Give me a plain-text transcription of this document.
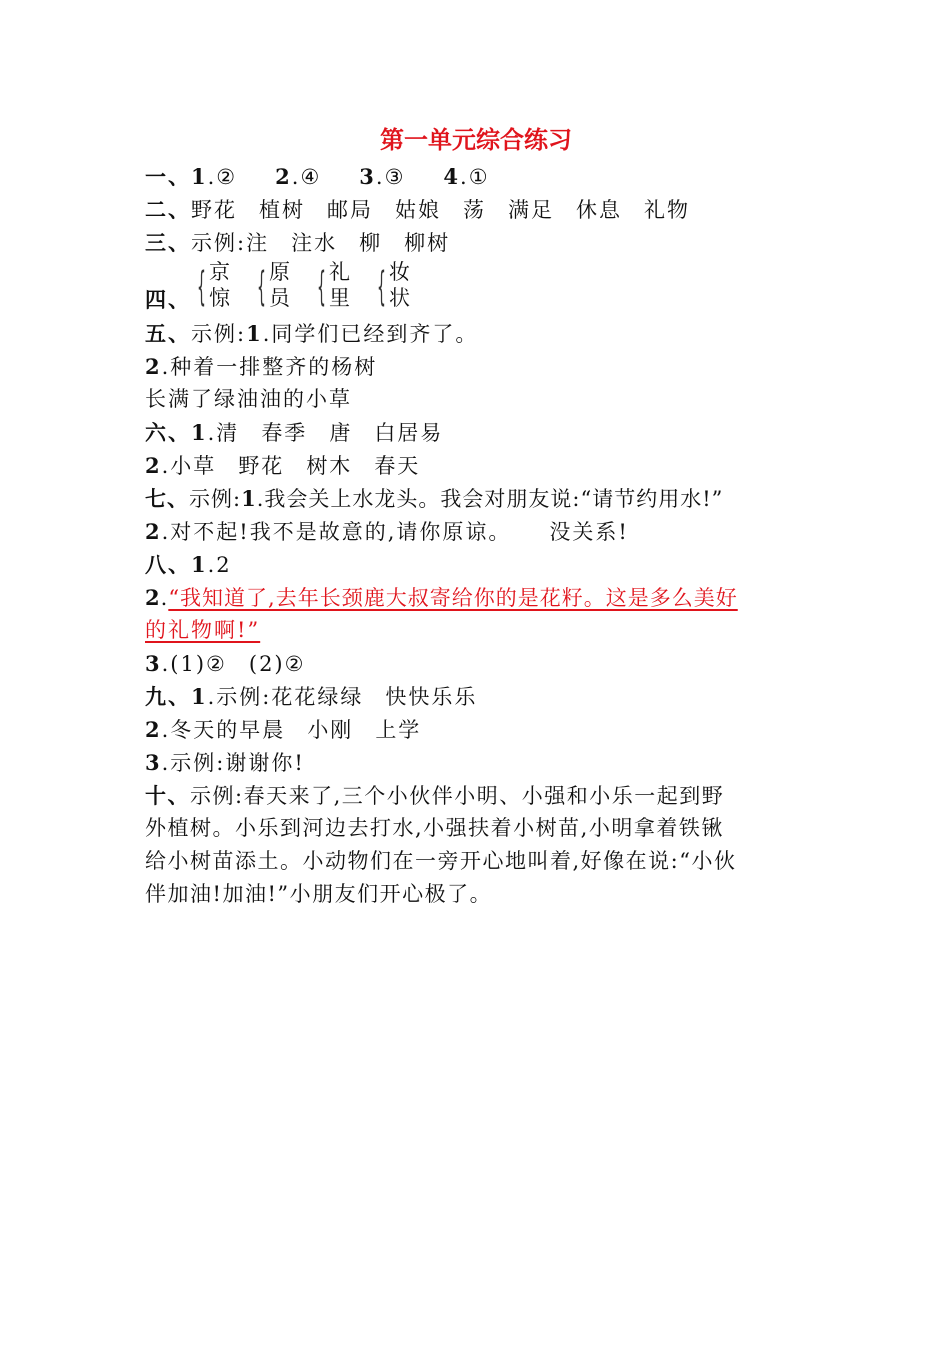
第一单元综合练习
一、1.② 2.④ 3.③ 4.①
二、野花 植树 邮局 姑娘 荡 满足 休息 礼物
三、示例:注 注水 柳 柳树
四、 { 京
惊 { 原
员 { 礼
里 { 妆
状
五、示例:1.同学们已经到齐了。
2.种着一排整齐的杨树
长满了绿油油的小草
六、1.清 春季 唐 白居易
2.小草 野花 树木 春天
七、示例:1.我会关上水龙头。我会对朋友说:“请节约用水!”
2.对不起!我不是故意的,请你原谅。 没关系!
八、1.2
2.“我知道了,去年长颈鹿大叔寄给你的是花籽。这是多么美好
的礼物啊!”
3.(1)② (2)②
九、1.示例:花花绿绿 快快乐乐
2.冬天的早晨 小刚 上学
3.示例:谢谢你!
十、示例:春天来了,三个小伙伴小明、小强和小乐一起到野
外植树。小乐到河边去打水,小强扶着小树苗,小明拿着铁锹
给小树苗添土。小动物们在一旁开心地叫着,好像在说:“小伙
伴加油!加油!”小朋友们开心极了。
